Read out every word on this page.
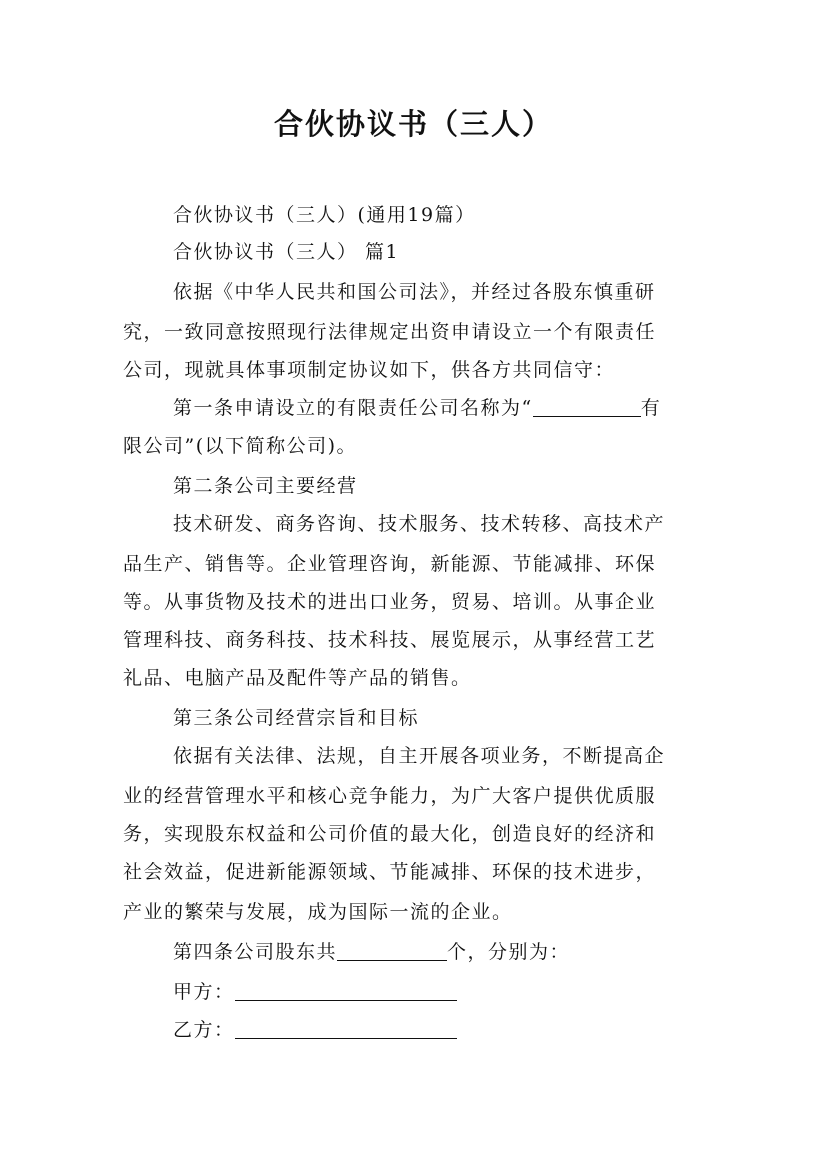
合伙协议书（三人）
合伙协议书（三人）(通用19篇）
合伙协议书（三人） 篇1
依据《中华人民共和国公司法》，并经过各股东慎重研
究，一致同意按照现行法律规定出资申请设立一个有限责任
公司，现就具体事项制定协议如下，供各方共同信守：
第一条申请设立的有限责任公司名称为“	有
限公司”(以下简称公司)。
第二条公司主要经营
技术研发、商务咨询、技术服务、技术转移、高技术产
品生产、销售等。企业管理咨询，新能源、节能减排、环保
等。从事货物及技术的进出口业务，贸易、培训。从事企业
管理科技、商务科技、技术科技、展览展示，从事经营工艺
礼品、电脑产品及配件等产品的销售。
第三条公司经营宗旨和目标
依据有关法律、法规，自主开展各项业务，不断提高企
业的经营管理水平和核心竞争能力，为广大客户提供优质服
务，实现股东权益和公司价值的最大化，创造良好的经济和
社会效益，促进新能源领域、节能减排、环保的技术进步，
产业的繁荣与发展，成为国际一流的企业。
第四条公司股东共	个，分别为：
甲方：
乙方：
